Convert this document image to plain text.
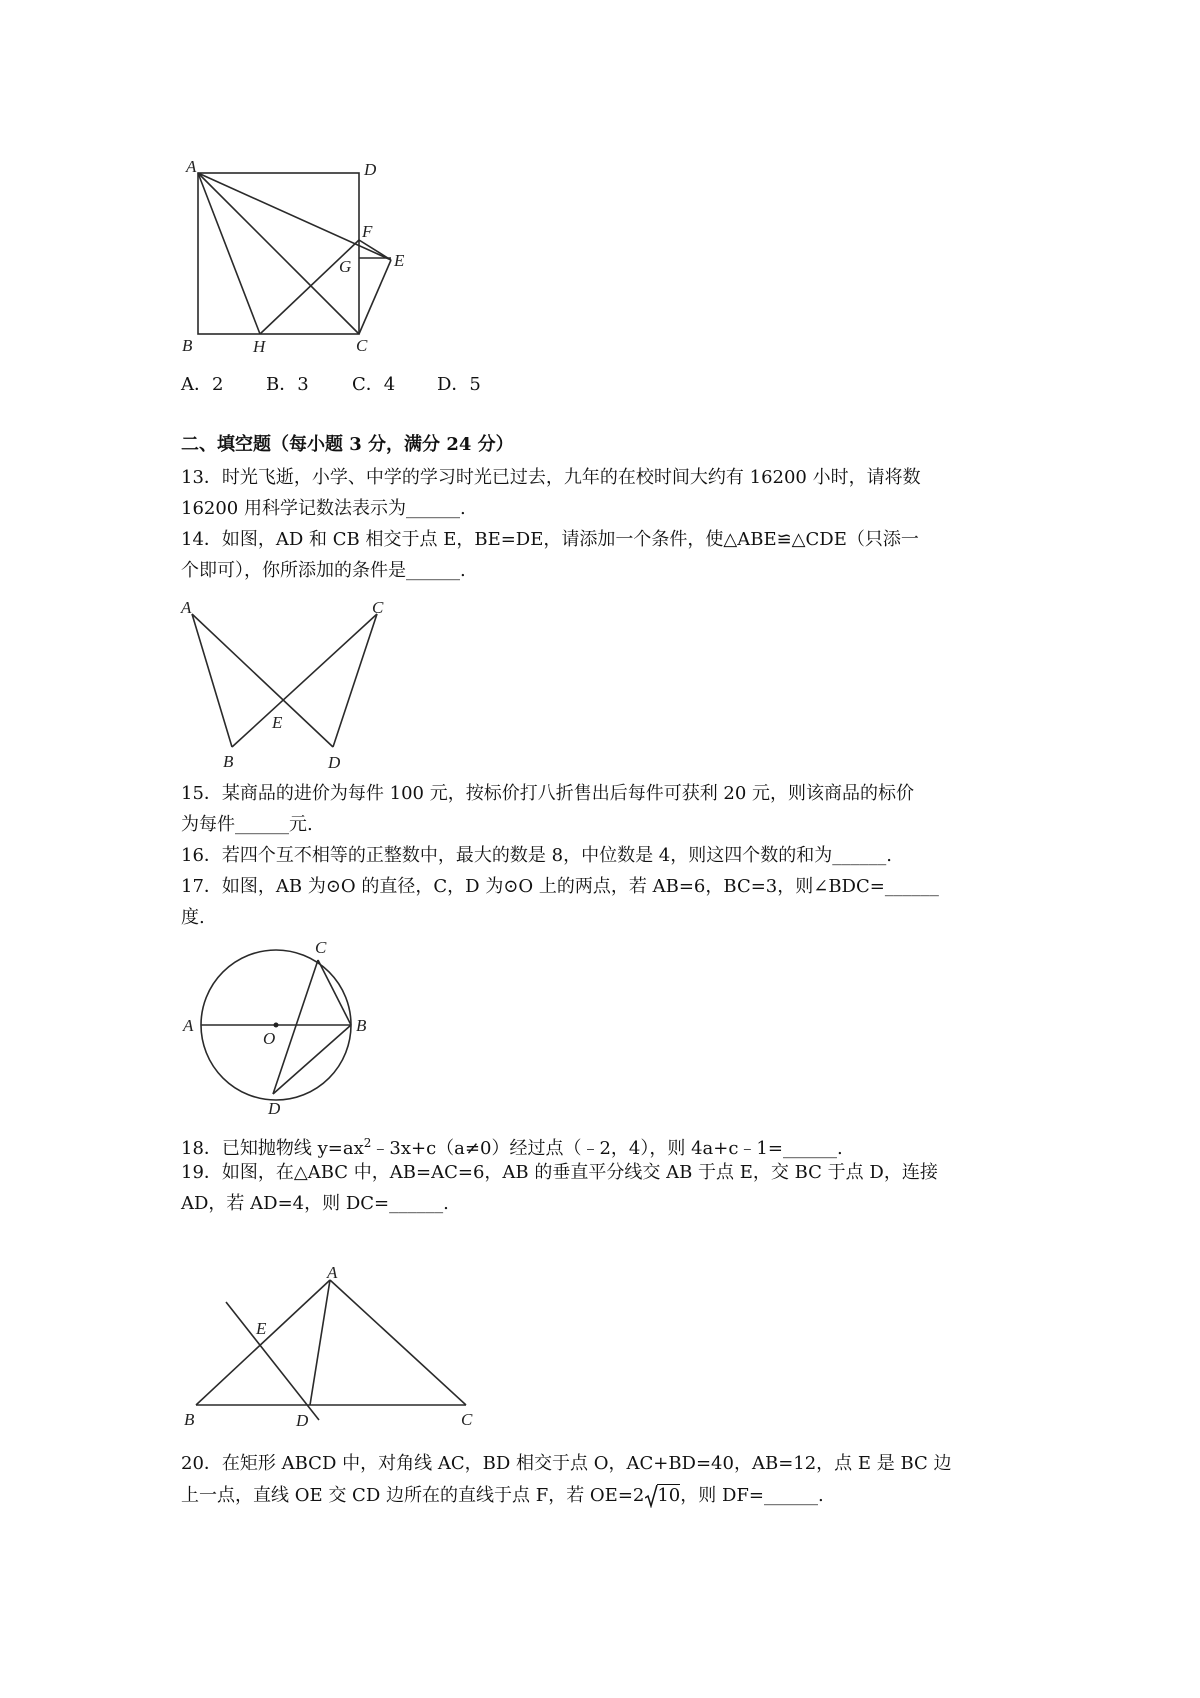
A	D
F
G	E
B	H	C
A．2 B．3 C．4 D．5
二、填空题（每小题 3 分，满分 24 分）
13．时光飞逝，小学、中学的学习时光已过去，九年的在校时间大约有 16200 小时，请将数
16200 用科学记数法表示为______.
14．如图，AD 和 CB 相交于点 E，BE=DE，请添加一个条件，使△ABE≌△CDE（只添一
个即可），你所添加的条件是______.
A	C
E
B	D
15．某商品的进价为每件 100 元，按标价打八折售出后每件可获利 20 元，则该商品的标价
为每件______元.
16．若四个互不相等的正整数中，最大的数是 8，中位数是 4，则这四个数的和为______.
17．如图，AB 为⊙O 的直径，C，D 为⊙O 上的两点，若 AB=6，BC=3，则∠BDC=______
度.
C
A
O
B
D
18．已知抛物线 $y=ax^2﹣3x+c(a\ne 0)$经过点（﹣2，4），则 4a+c﹣1=______.
19．如图，在△ABC 中，AB=AC=6，AB 的垂直平分线交 AB 于点 E，交 BC 于点 D，连接
AD，若 AD=4，则 DC=______.
A
E
B	D	C
20．在矩形 ABCD 中，对角线 AC，BD 相交于点 O，AC+BD=40，AB=12，点 E 是 BC 边
上一点，直线 OE 交 CD 边所在的直线于点 F，若 OE=2 10，则 DF=______.
